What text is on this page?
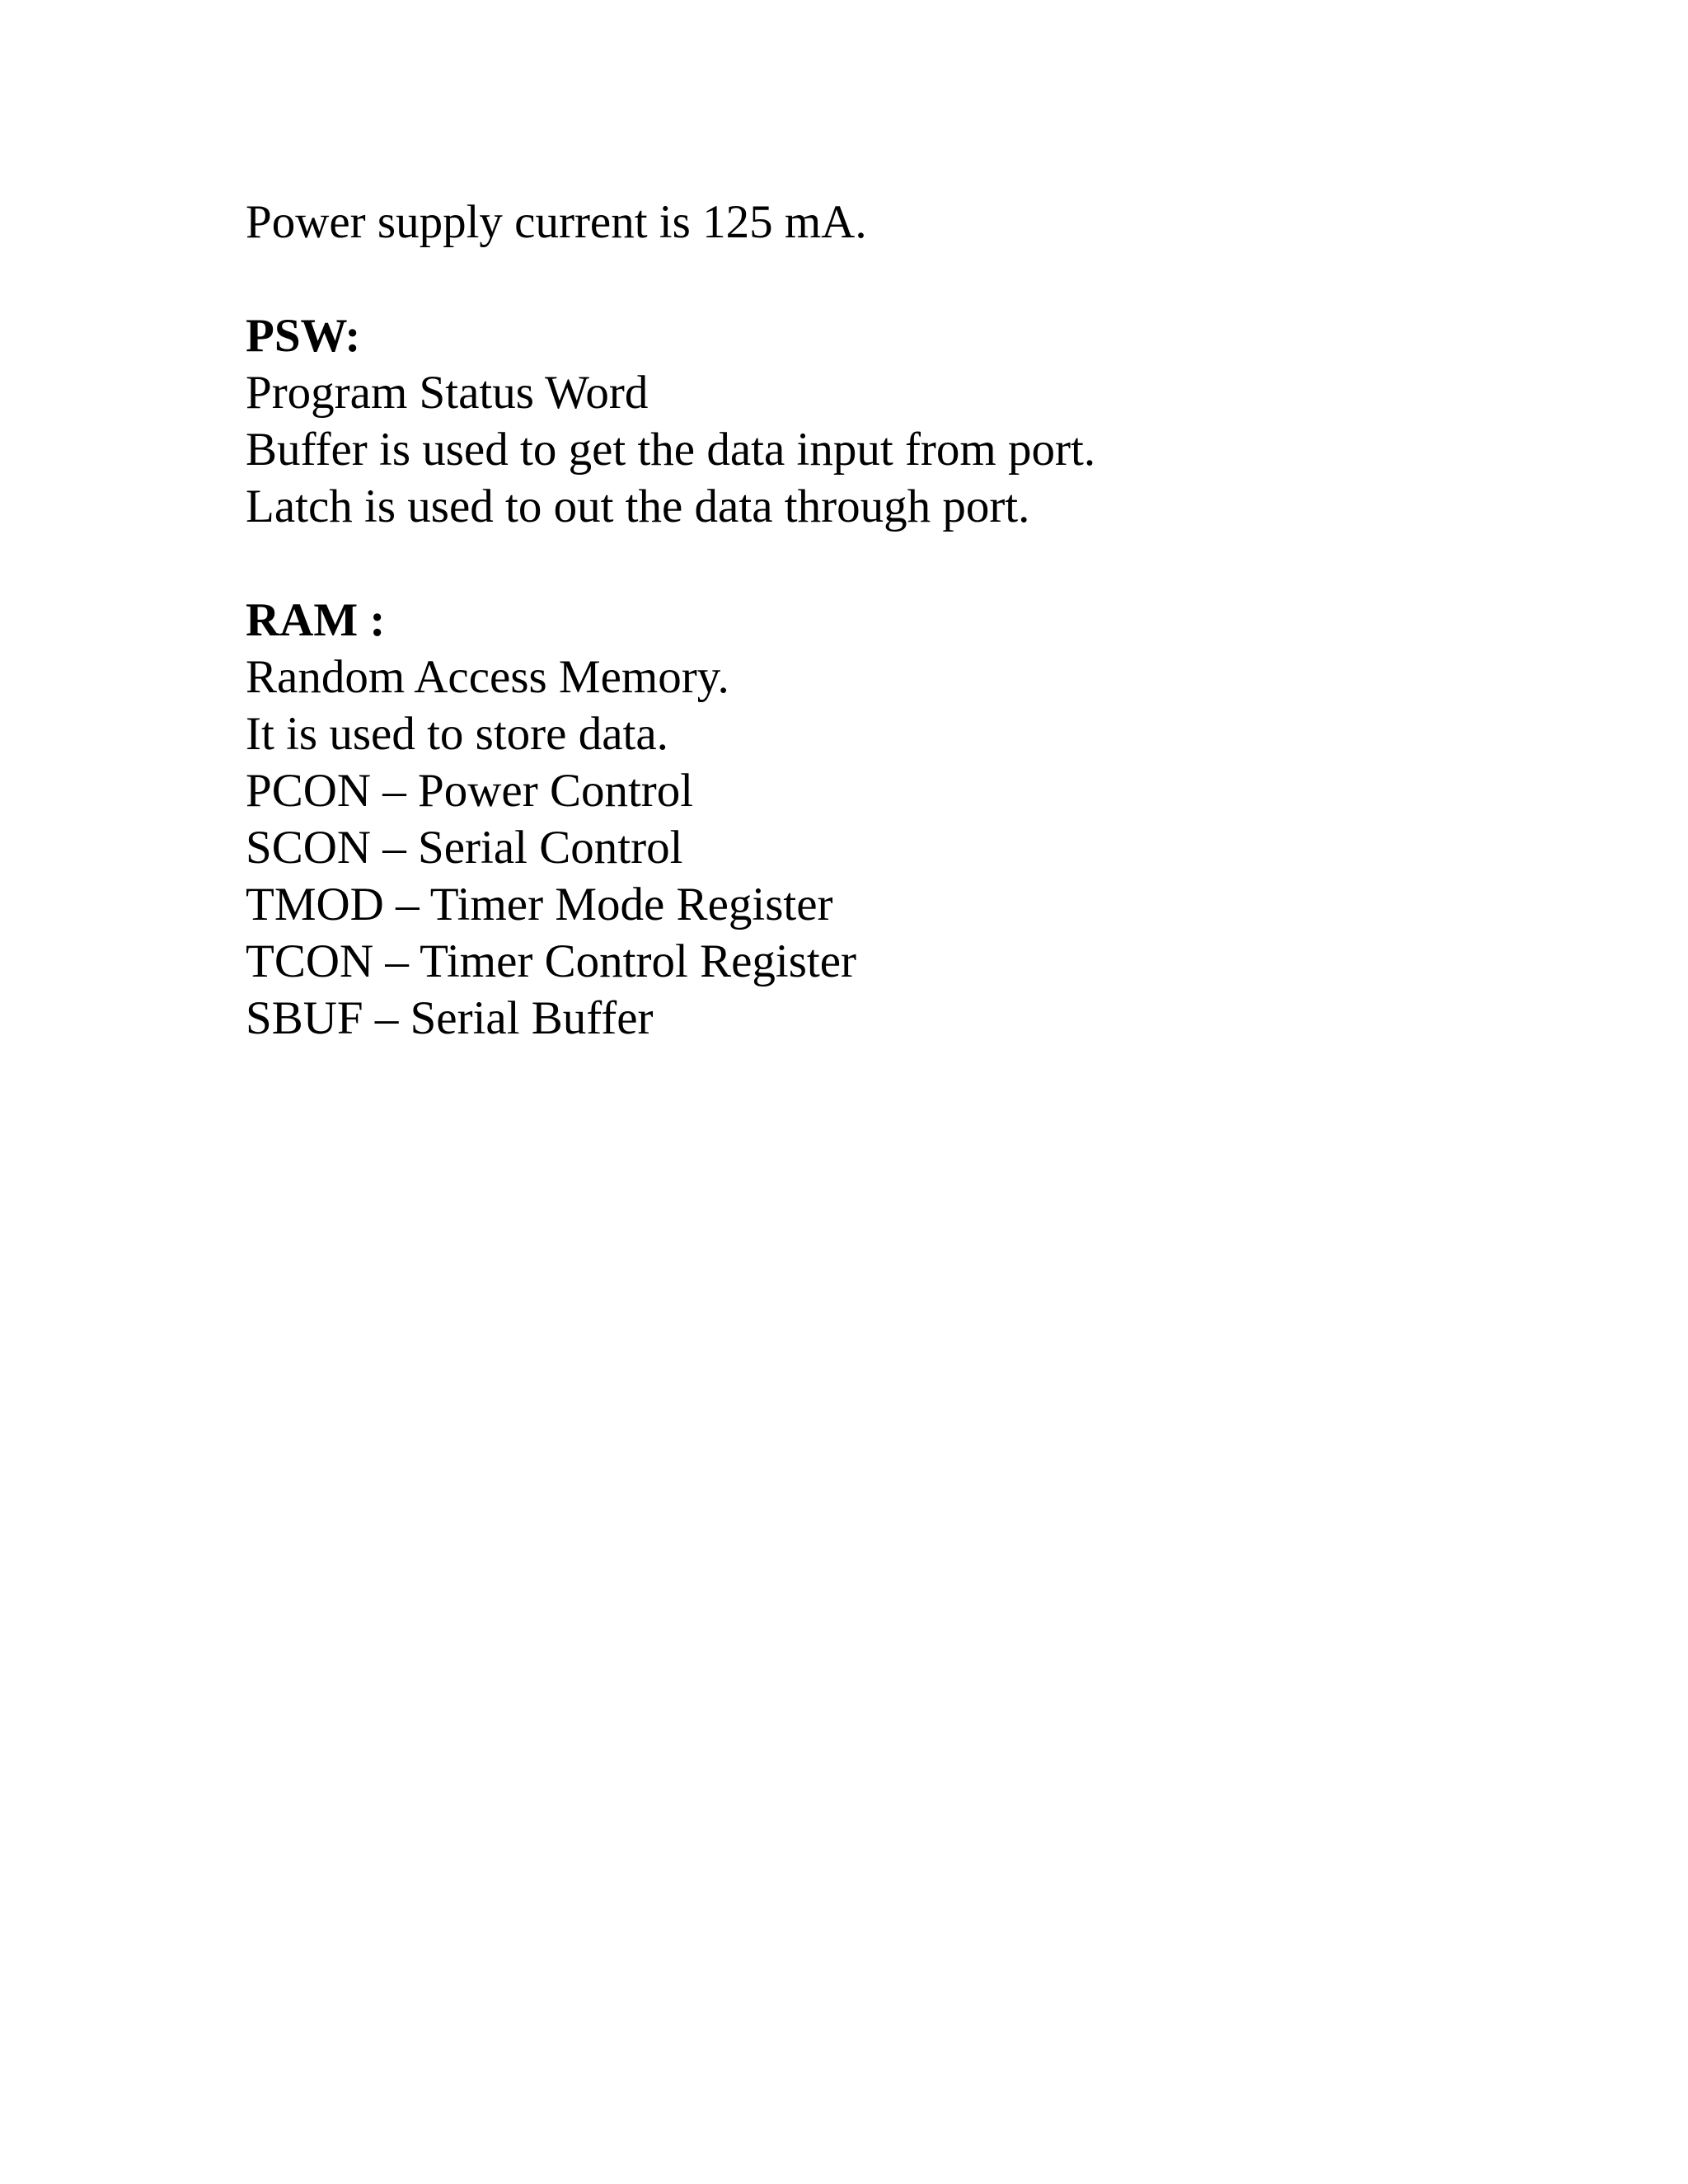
Power supply current is 125 mA.
PSW:
Program Status Word
Buffer is used to get the data input from port.
Latch is used to out the data through port.
RAM :
Random Access Memory.
It is used to store data.
PCON – Power Control
SCON – Serial Control
TMOD – Timer Mode Register
TCON – Timer Control Register
SBUF – Serial Buffer
